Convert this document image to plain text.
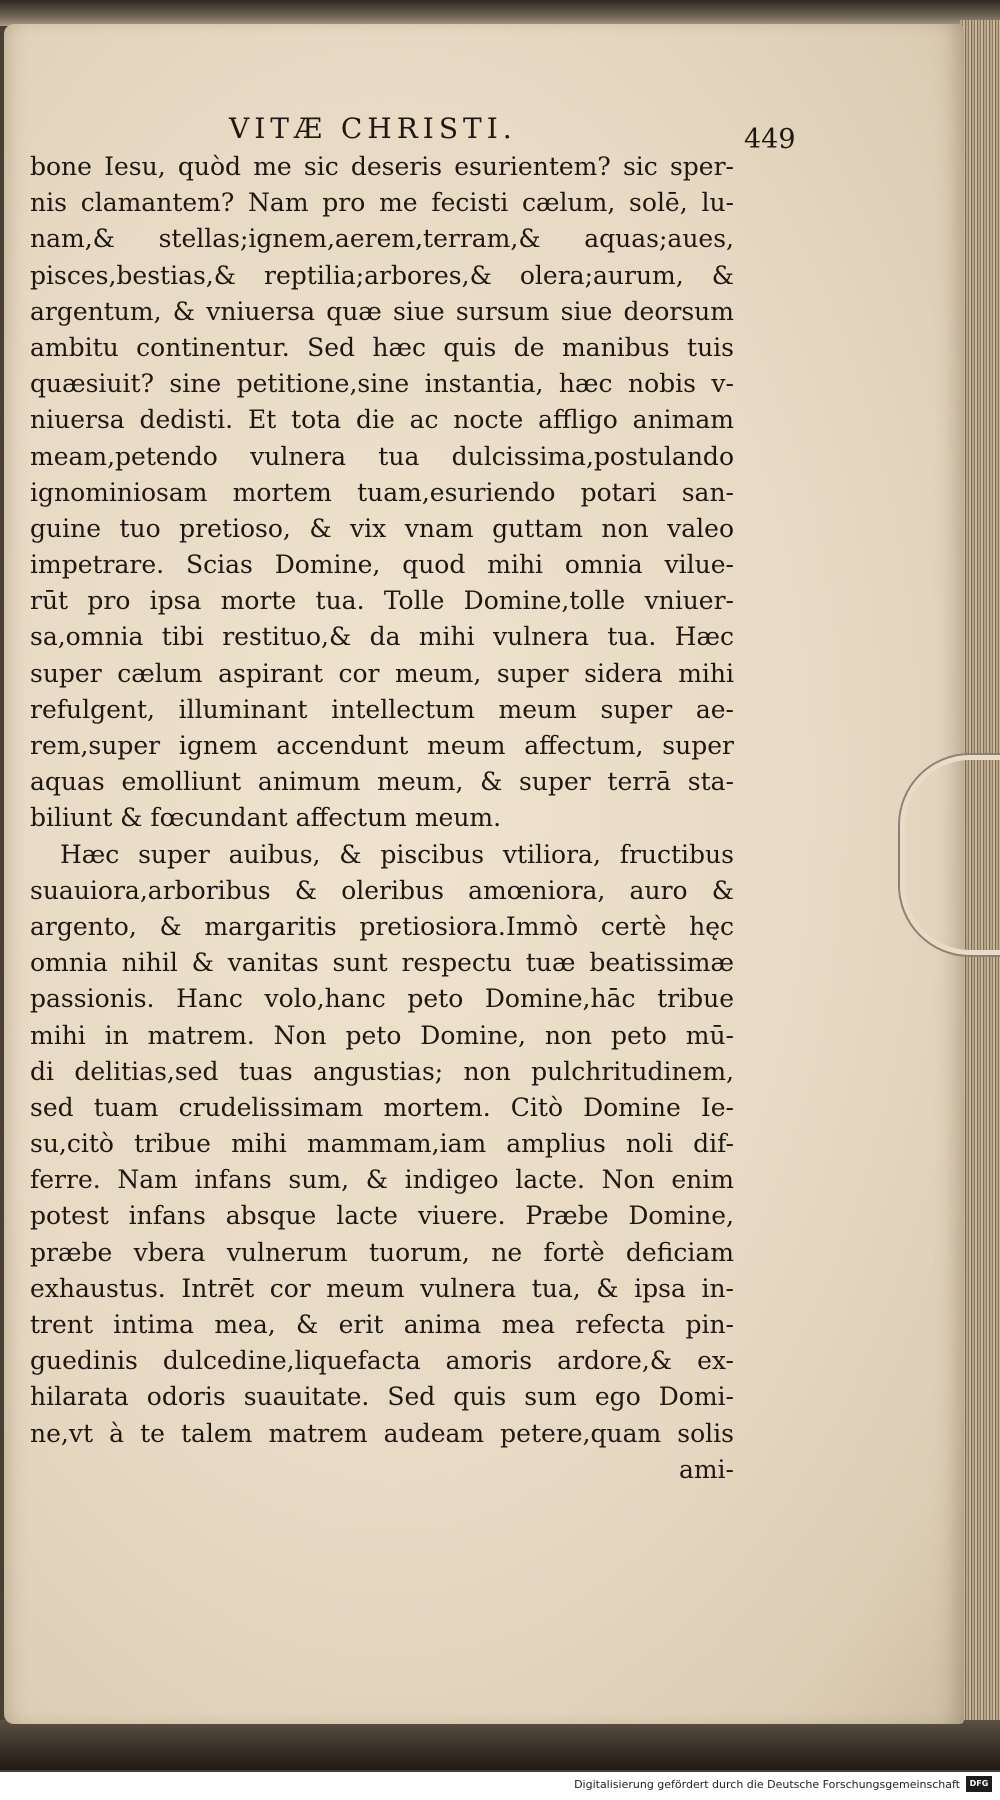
VITÆ CHRISTI.	449
bone Iesu, quòd me sic deseris esurientem? sic sper-
nis clamantem? Nam pro me fecisti cælum, solē, lu-
nam,& stellas;ignem,aerem,terram,& aquas;aues,
pisces,bestias,& reptilia;arbores,& olera;aurum, &
argentum, & vniuersa quæ siue sursum siue deorsum
ambitu continentur. Sed hæc quis de manibus tuis
quæsiuit? sine petitione,sine instantia, hæc nobis v-
niuersa dedisti. Et tota die ac nocte affligo animam
meam,petendo vulnera tua dulcissima,postulando
ignominiosam mortem tuam,esuriendo potari san-
guine tuo pretioso, & vix vnam guttam non valeo
impetrare. Scias Domine, quod mihi omnia vilue-
rūt pro ipsa morte tua. Tolle Domine,tolle vniuer-
sa,omnia tibi restituo,& da mihi vulnera tua. Hæc
super cælum aspirant cor meum, super sidera mihi
refulgent, illuminant intellectum meum super ae-
rem,super ignem accendunt meum affectum, super
aquas emolliunt animum meum, & super terrā sta-
biliunt & fœcundant affectum meum.
Hæc super auibus, & piscibus vtiliora, fructibus
suauiora,arboribus & oleribus amœniora, auro &
argento, & margaritis pretiosiora.Immò certè hęc
omnia nihil & vanitas sunt respectu tuæ beatissimæ
passionis. Hanc volo,hanc peto Domine,hāc tribue
mihi in matrem. Non peto Domine, non peto mū-
di delitias,sed tuas angustias; non pulchritudinem,
sed tuam crudelissimam mortem. Citò Domine Ie-
su,citò tribue mihi mammam,iam amplius noli dif-
ferre. Nam infans sum, & indigeo lacte. Non enim
potest infans absque lacte viuere. Præbe Domine,
præbe vbera vulnerum tuorum, ne fortè deficiam
exhaustus. Intrēt cor meum vulnera tua, & ipsa in-
trent intima mea, & erit anima mea refecta pin-
guedinis dulcedine,liquefacta amoris ardore,& ex-
hilarata odoris suauitate. Sed quis sum ego Domi-
ne,vt à te talem matrem audeam petere,quam solis
ami-
Digitalisierung gefördert durch die Deutsche Forschungsgemeinschaft	DFG
